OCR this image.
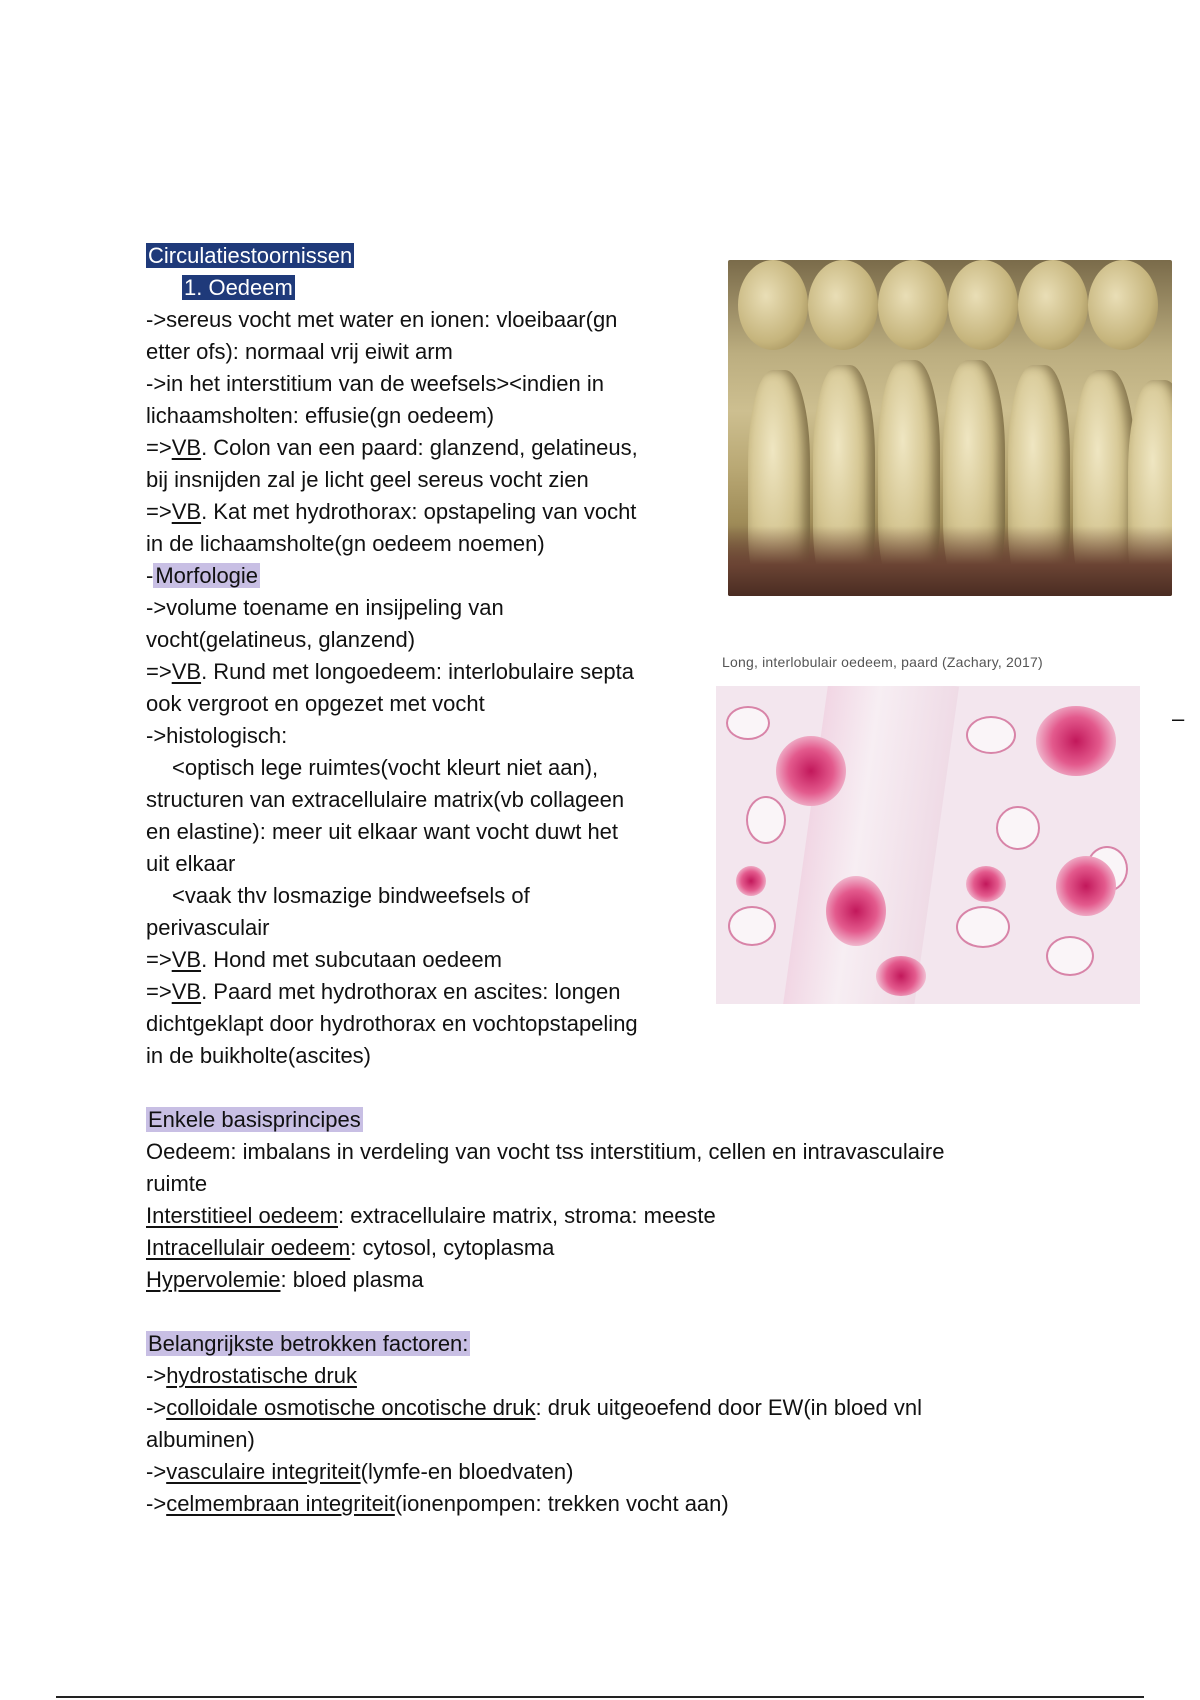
Circulatiestoornissen
1. Oedeem
->sereus vocht met water en ionen: vloeibaar(gn
etter ofs): normaal vrij eiwit arm
->in het interstitium van de weefsels><indien in
lichaamsholten: effusie(gn oedeem)
=>VB. Colon van een paard: glanzend, gelatineus,
bij insnijden zal je licht geel sereus vocht zien
=>VB. Kat met hydrothorax: opstapeling van vocht
in de lichaamsholte(gn oedeem noemen)
-Morfologie
->volume toename en insijpeling van
vocht(gelatineus, glanzend)
=>VB. Rund met longoedeem: interlobulaire septa
ook vergroot en opgezet met vocht
->histologisch:
<optisch lege ruimtes(vocht kleurt niet aan),
structuren van extracellulaire matrix(vb collageen
en elastine): meer uit elkaar want vocht duwt het
uit elkaar
<vaak thv losmazige bindweefsels of
perivasculair
=>VB. Hond met subcutaan oedeem
=>VB. Paard met hydrothorax en ascites: longen
dichtgeklapt door hydrothorax en vochtopstapeling
in de buikholte(ascites)
Long, interlobulair oedeem, paard (Zachary, 2017)
–
Enkele basisprincipes
Oedeem: imbalans in verdeling van vocht tss interstitium, cellen en intravasculaire
ruimte
Interstitieel oedeem: extracellulaire matrix, stroma: meeste
Intracellulair oedeem: cytosol, cytoplasma
Hypervolemie: bloed plasma
Belangrijkste betrokken factoren:
->hydrostatische druk
->colloidale osmotische oncotische druk: druk uitgeoefend door EW(in bloed vnl
albuminen)
->vasculaire integriteit(lymfe-en bloedvaten)
->celmembraan integriteit(ionenpompen: trekken vocht aan)
